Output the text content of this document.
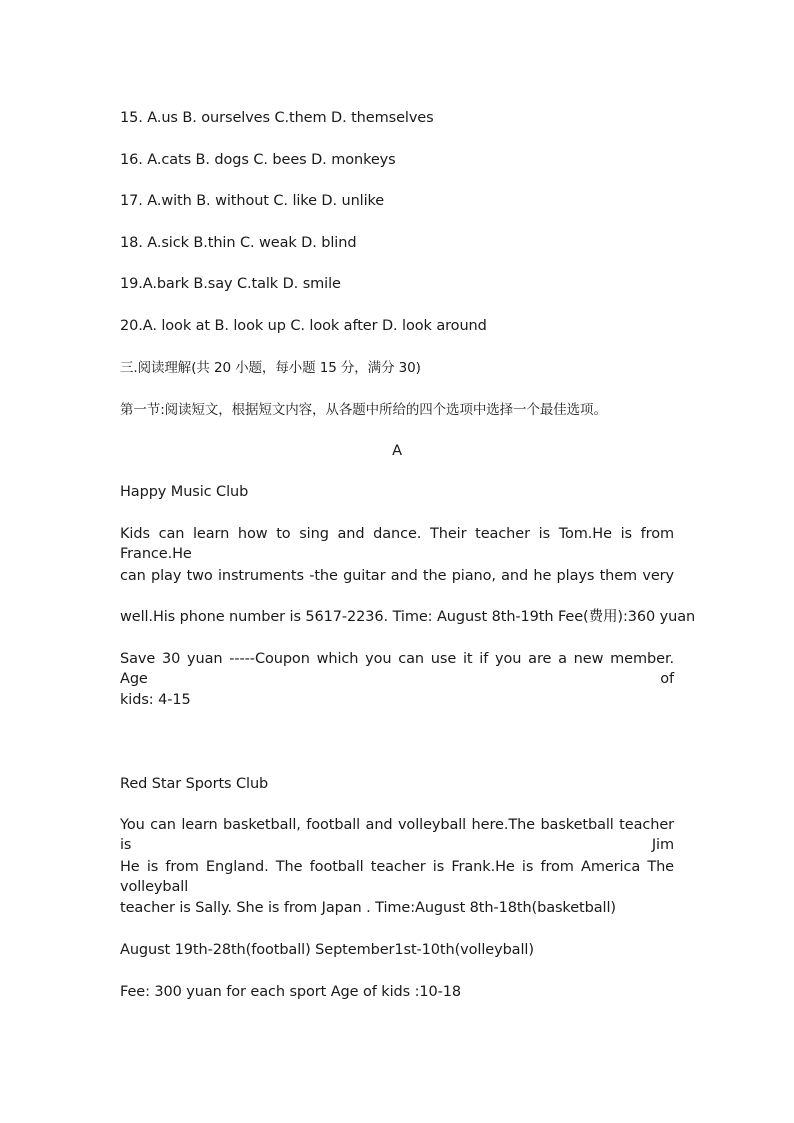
15. A.us B. ourselves C.them D. themselves
16. A.cats B. dogs C. bees D. monkeys
17. A.with B. without C. like D. unlike
18. A.sick B.thin C. weak D. blind
19.A.bark B.say C.talk D. smile
20.A. look at B. look up C. look after D. look around
三.阅读理解(共 20 小题，每小题 15 分，满分 30)
第一节:阅读短文，根据短文内容，从各题中所给的四个选项中选择一个最佳选项。
A
Happy Music Club
Kids can learn how to sing and dance. Their teacher is Tom.He is from France.He
can play two instruments -the guitar and the piano, and he plays them very
well.His phone number is 5617-2236. Time: August 8th-19th Fee(费用):360 yuan
Save 30 yuan -----Coupon which you can use it if you are a new member. Age of
kids: 4-15
Red Star Sports Club
You can learn basketball, football and volleyball here.The basketball teacher is Jim
He is from England. The football teacher is Frank.He is from America The volleyball
teacher is Sally. She is from Japan . Time:August 8th-18th(basketball)
August 19th-28th(football) September1st-10th(volleyball)
Fee: 300 yuan for each sport Age of kids :10-18
